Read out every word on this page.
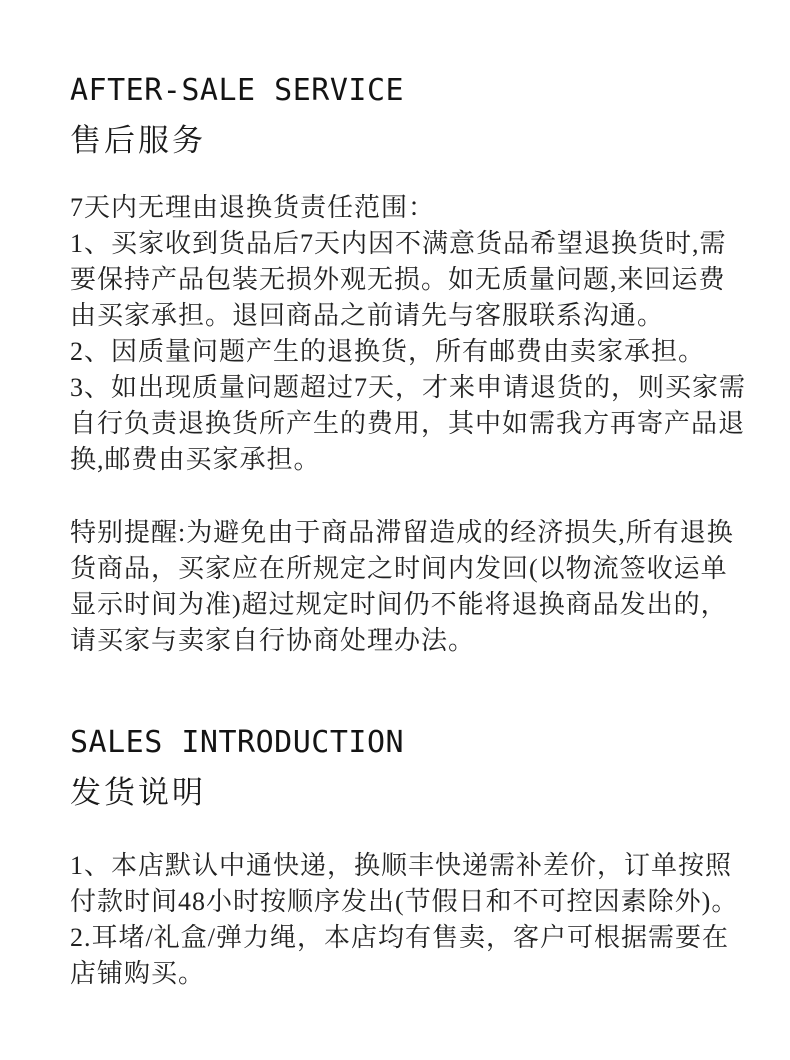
AFTER-SALE SERVICE
售后服务

7天内无理由退换货责任范围：

1、买家收到货品后7天内因不满意货品希望退换货时,需

要保持产品包装无损外观无损。如无质量问题,来回运费

由买家承担。退回商品之前请先与客服联系沟通。

2、因质量问题产生的退换货，所有邮费由卖家承担。

3、如出现质量问题超过7天，才来申请退货的，则买家需

自行负责退换货所产生的费用，其中如需我方再寄产品退

换,邮费由买家承担。

特别提醒:为避免由于商品滞留造成的经济损失,所有退换

货商品，买家应在所规定之时间内发回(以物流签收运单

显示时间为准)超过规定时间仍不能将退换商品发出的，

请买家与卖家自行协商处理办法。

SALES INTRODUCTION
发货说明

1、本店默认中通快递，换顺丰快递需补差价，订单按照

付款时间48小时按顺序发出(节假日和不可控因素除外)。

2.耳堵/礼盒/弹力绳，本店均有售卖，客户可根据需要在

店铺购买。
